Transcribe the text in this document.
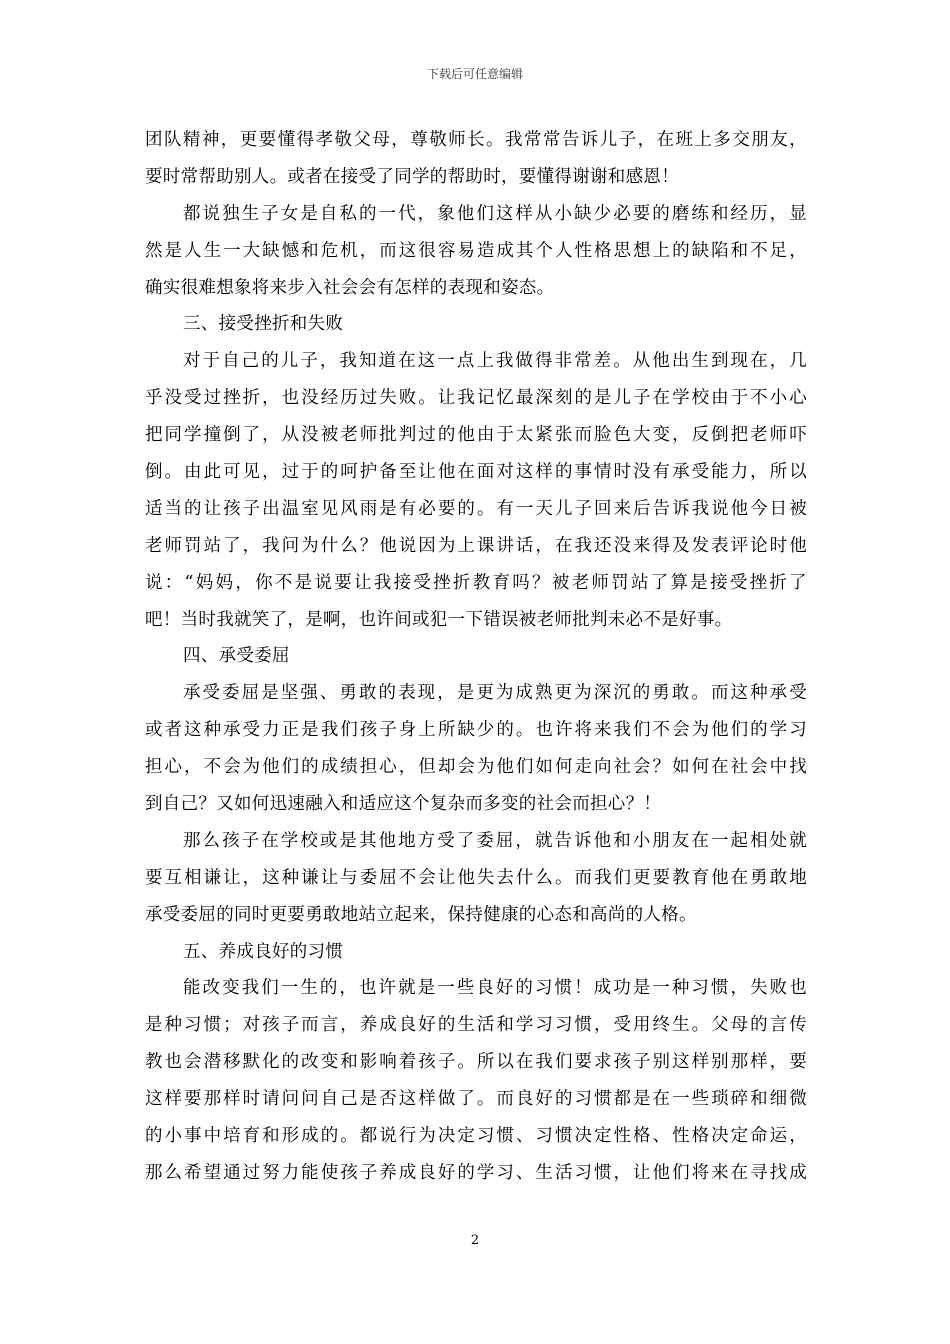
下载后可任意编辑
团队精神，更要懂得孝敬父母，尊敬师长。我常常告诉儿子，在班上多交朋友，
要时常帮助别人。或者在接受了同学的帮助时，要懂得谢谢和感恩！
都说独生子女是自私的一代，象他们这样从小缺少必要的磨练和经历，显
然是人生一大缺憾和危机，而这很容易造成其个人性格思想上的缺陷和不足，
确实很难想象将来步入社会会有怎样的表现和姿态。
三、接受挫折和失败
对于自己的儿子，我知道在这一点上我做得非常差。从他出生到现在，几
乎没受过挫折，也没经历过失败。让我记忆最深刻的是儿子在学校由于不小心
把同学撞倒了，从没被老师批判过的他由于太紧张而脸色大变，反倒把老师吓
倒。由此可见，过于的呵护备至让他在面对这样的事情时没有承受能力，所以
适当的让孩子出温室见风雨是有必要的。有一天儿子回来后告诉我说他今日被
老师罚站了，我问为什么？他说因为上课讲话，在我还没来得及发表评论时他
说：“妈妈，你不是说要让我接受挫折教育吗？被老师罚站了算是接受挫折了
吧！当时我就笑了，是啊，也许间或犯一下错误被老师批判未必不是好事。
四、承受委屈
承受委屈是坚强、勇敢的表现，是更为成熟更为深沉的勇敢。而这种承受
或者这种承受力正是我们孩子身上所缺少的。也许将来我们不会为他们的学习
担心，不会为他们的成绩担心，但却会为他们如何走向社会？如何在社会中找
到自己？又如何迅速融入和适应这个复杂而多变的社会而担心？！
那么孩子在学校或是其他地方受了委屈，就告诉他和小朋友在一起相处就
要互相谦让，这种谦让与委屈不会让他失去什么。而我们更要教育他在勇敢地
承受委屈的同时更要勇敢地站立起来，保持健康的心态和高尚的人格。
五、养成良好的习惯
能改变我们一生的，也许就是一些良好的习惯！成功是一种习惯，失败也
是种习惯；对孩子而言，养成良好的生活和学习习惯，受用终生。父母的言传
教也会潜移默化的改变和影响着孩子。所以在我们要求孩子别这样别那样，要
这样要那样时请问问自己是否这样做了。而良好的习惯都是在一些琐碎和细微
的小事中培育和形成的。都说行为决定习惯、习惯决定性格、性格决定命运，
那么希望通过努力能使孩子养成良好的学习、生活习惯，让他们将来在寻找成
2
